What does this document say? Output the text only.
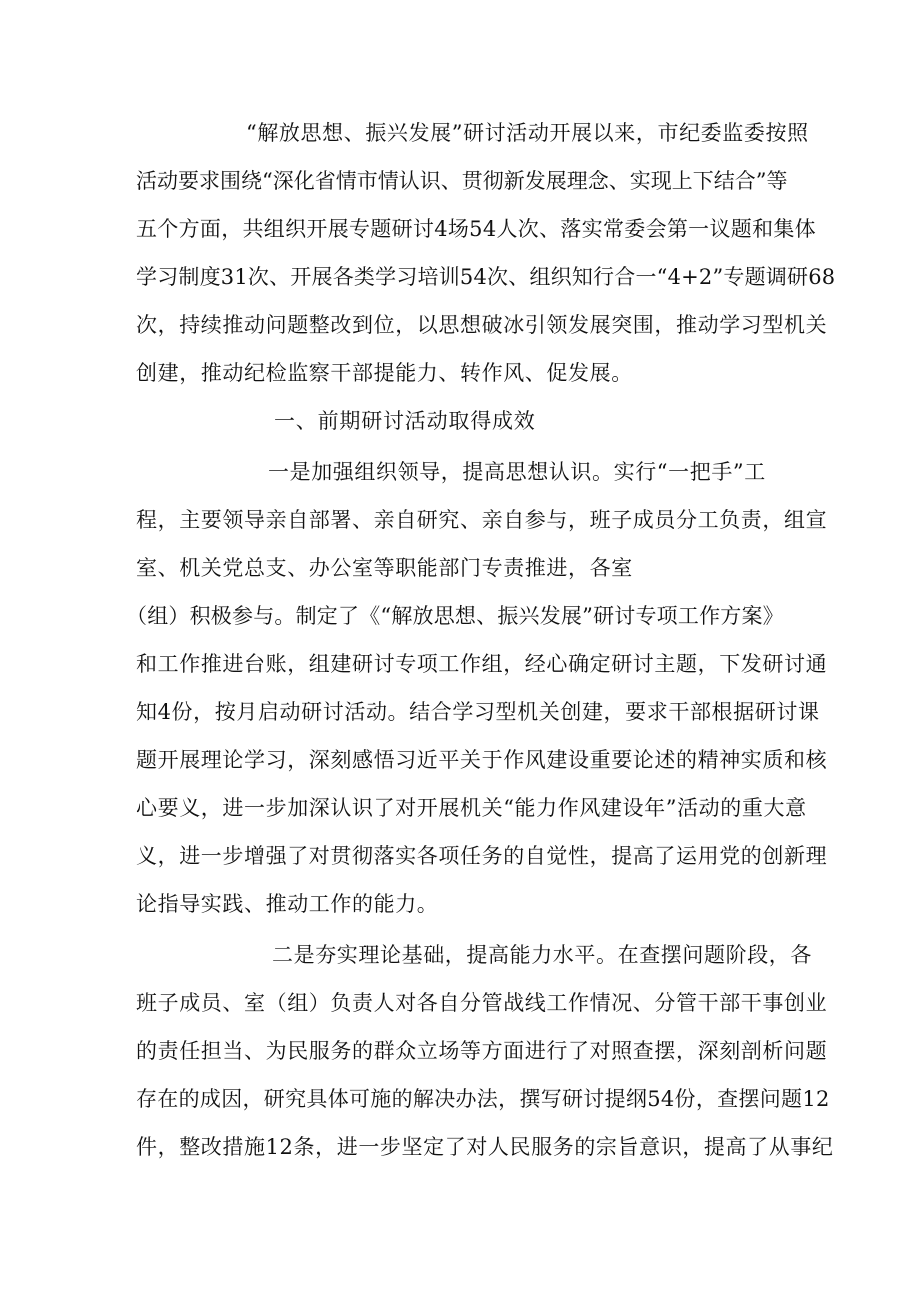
“解放思想、振兴发展”研讨活动开展以来，市纪委监委按照
活动要求围绕“深化省情市情认识、贯彻新发展理念、实现上下结合”等
五个方面，共组织开展专题研讨4场54人次、落实常委会第一议题和集体
学习制度31次、开展各类学习培训54次、组织知行合一“4+2”专题调研68
次，持续推动问题整改到位，以思想破冰引领发展突围，推动学习型机关
创建，推动纪检监察干部提能力、转作风、促发展。
一、前期研讨活动取得成效
一是加强组织领导，提高思想认识。实行“一把手”工
程，主要领导亲自部署、亲自研究、亲自参与，班子成员分工负责，组宣
室、机关党总支、办公室等职能部门专责推进，各室
（组）积极参与。制定了《“解放思想、振兴发展”研讨专项工作方案》
和工作推进台账，组建研讨专项工作组，经心确定研讨主题，下发研讨通
知4份，按月启动研讨活动。结合学习型机关创建，要求干部根据研讨课
题开展理论学习，深刻感悟习近平关于作风建设重要论述的精神实质和核
心要义，进一步加深认识了对开展机关“能力作风建设年”活动的重大意
义，进一步增强了对贯彻落实各项任务的自觉性，提高了运用党的创新理
论指导实践、推动工作的能力。
二是夯实理论基础，提高能力水平。在查摆问题阶段，各
班子成员、室（组）负责人对各自分管战线工作情况、分管干部干事创业
的责任担当、为民服务的群众立场等方面进行了对照查摆，深刻剖析问题
存在的成因，研究具体可施的解决办法，撰写研讨提纲54份，查摆问题12
件，整改措施12条，进一步坚定了对人民服务的宗旨意识，提高了从事纪
